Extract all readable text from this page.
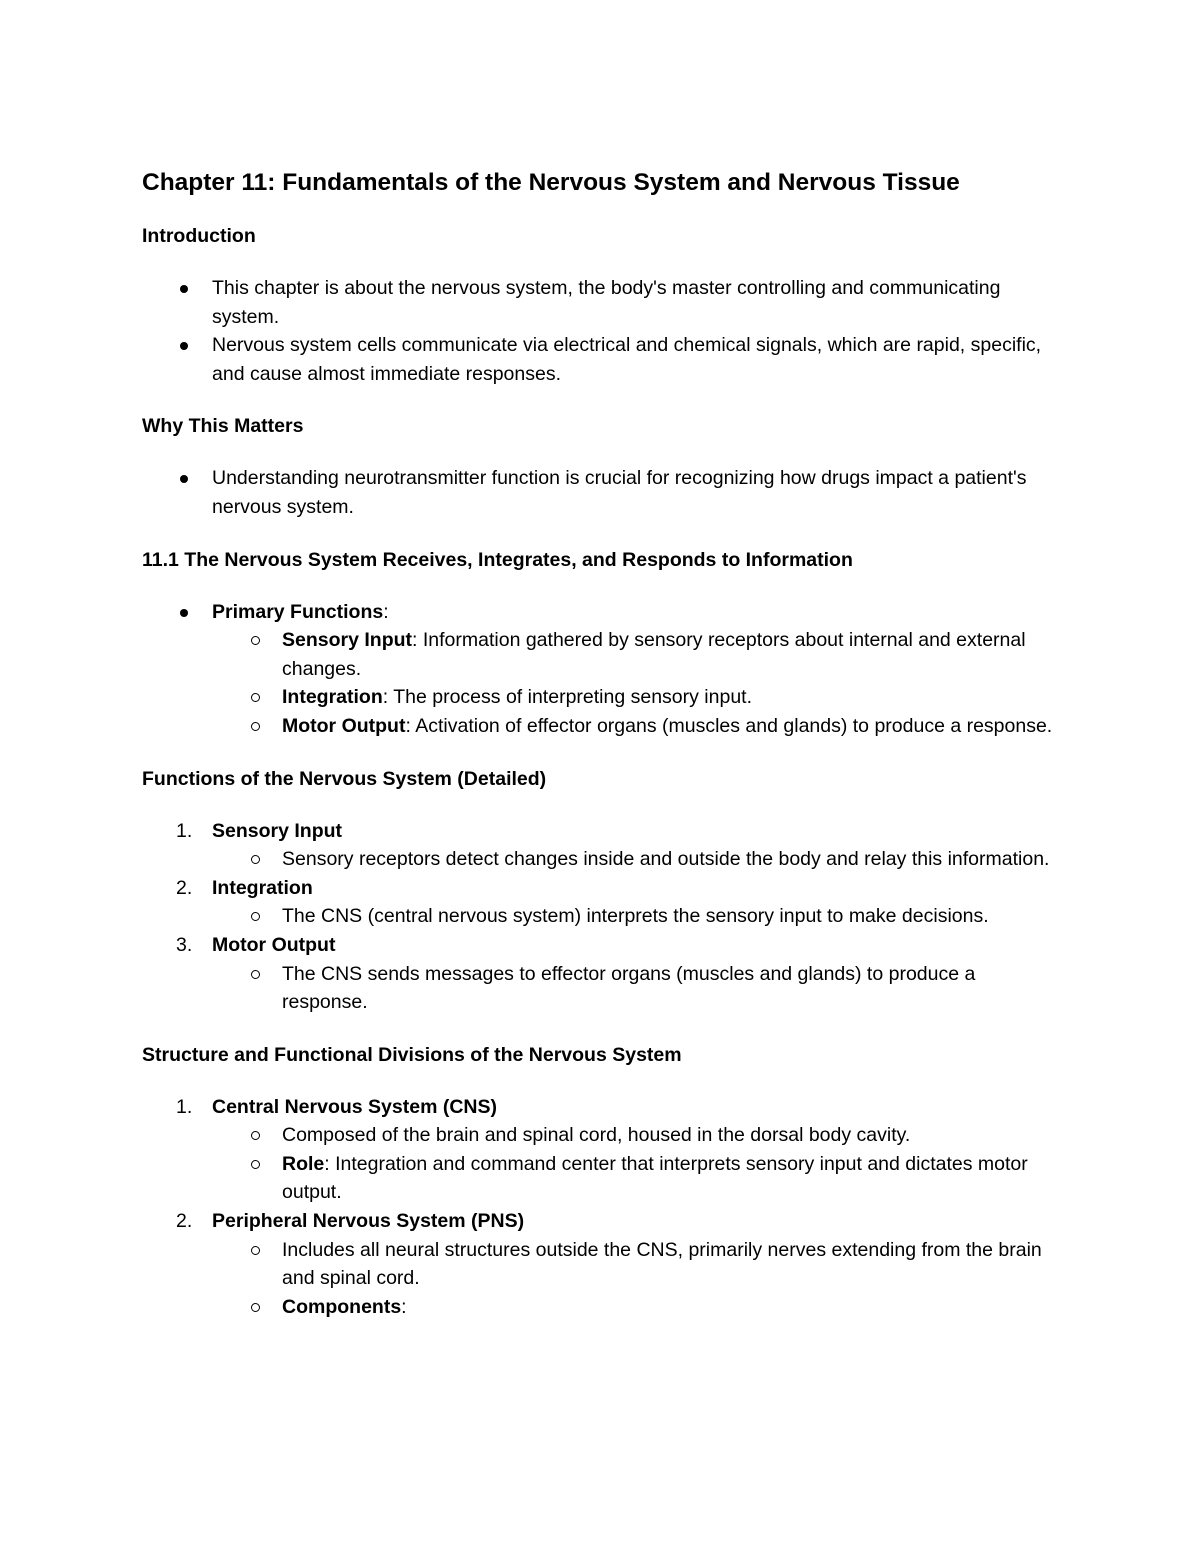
Chapter 11: Fundamentals of the Nervous System and Nervous Tissue
Introduction
This chapter is about the nervous system, the body's master controlling and communicating system.
Nervous system cells communicate via electrical and chemical signals, which are rapid, specific, and cause almost immediate responses.
Why This Matters
Understanding neurotransmitter function is crucial for recognizing how drugs impact a patient's nervous system.
11.1 The Nervous System Receives, Integrates, and Responds to Information
Primary Functions:
Sensory Input: Information gathered by sensory receptors about internal and external changes.
Integration: The process of interpreting sensory input.
Motor Output: Activation of effector organs (muscles and glands) to produce a response.
Functions of the Nervous System (Detailed)
1. Sensory Input
Sensory receptors detect changes inside and outside the body and relay this information.
2. Integration
The CNS (central nervous system) interprets the sensory input to make decisions.
3. Motor Output
The CNS sends messages to effector organs (muscles and glands) to produce a response.
Structure and Functional Divisions of the Nervous System
1. Central Nervous System (CNS)
Composed of the brain and spinal cord, housed in the dorsal body cavity.
Role: Integration and command center that interprets sensory input and dictates motor output.
2. Peripheral Nervous System (PNS)
Includes all neural structures outside the CNS, primarily nerves extending from the brain and spinal cord.
Components:
